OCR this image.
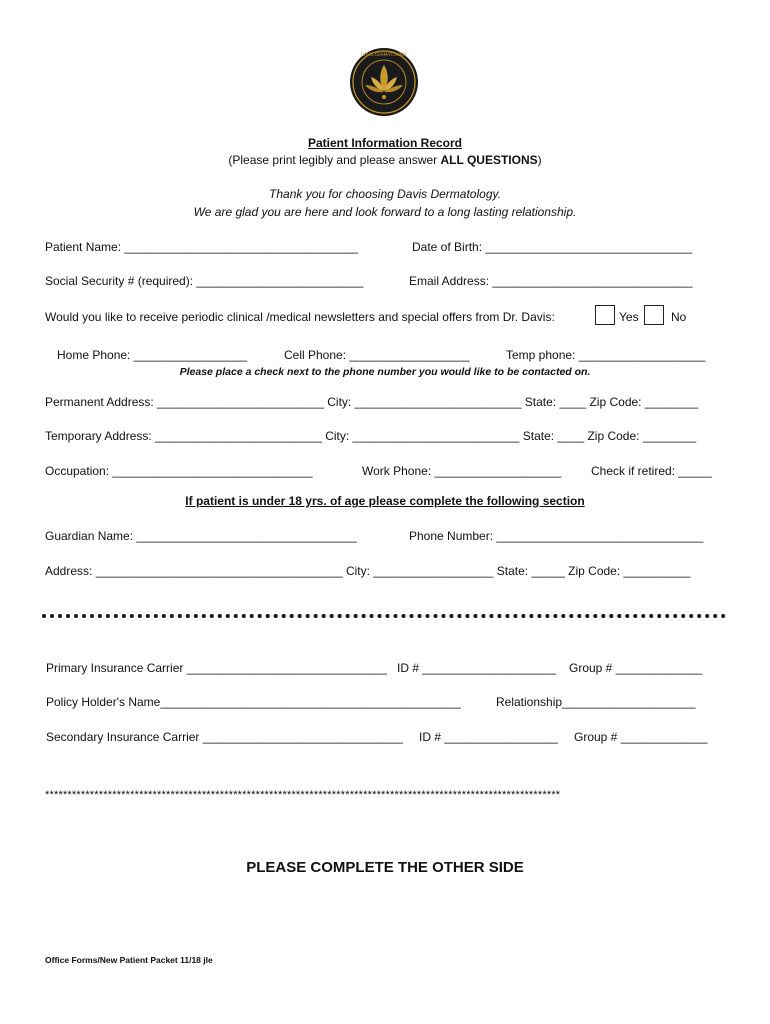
DAVIS DERMATOLOGY
Patient Information Record
(Please print legibly and please answer ALL QUESTIONS)
Thank you for choosing Davis Dermatology.
We are glad you are here and look forward to a long lasting relationship.
Patient Name: ___________________________________	Date of Birth: _______________________________
Social Security # (required): _________________________	Email Address: ______________________________
Would you like to receive periodic clinical /medical newsletters and special offers from Dr. Davis:	Yes	No
Home Phone: _________________	Cell Phone: __________________	Temp phone: ___________________
Please place a check next to the phone number you would like to be contacted on.
Permanent Address: _________________________ City: _________________________ State: ____ Zip Code: ________
Temporary Address: _________________________ City: _________________________ State: ____ Zip Code: ________
Occupation: ______________________________	Work Phone: ___________________ Check if retired: _____
If patient is under 18 yrs. of age please complete the following section
Guardian Name: _________________________________	Phone Number: _______________________________
Address: _____________________________________ City: __________________ State: _____ Zip Code: __________
Primary Insurance Carrier ______________________________ ID # ____________________ Group # _____________
Policy Holder's Name_____________________________________________	Relationship____________________
Secondary Insurance Carrier ______________________________ ID # _________________ Group # _____________
*******************************************************************************************************************
PLEASE COMPLETE THE OTHER SIDE
Office Forms/New Patient Packet 11/18 jle
